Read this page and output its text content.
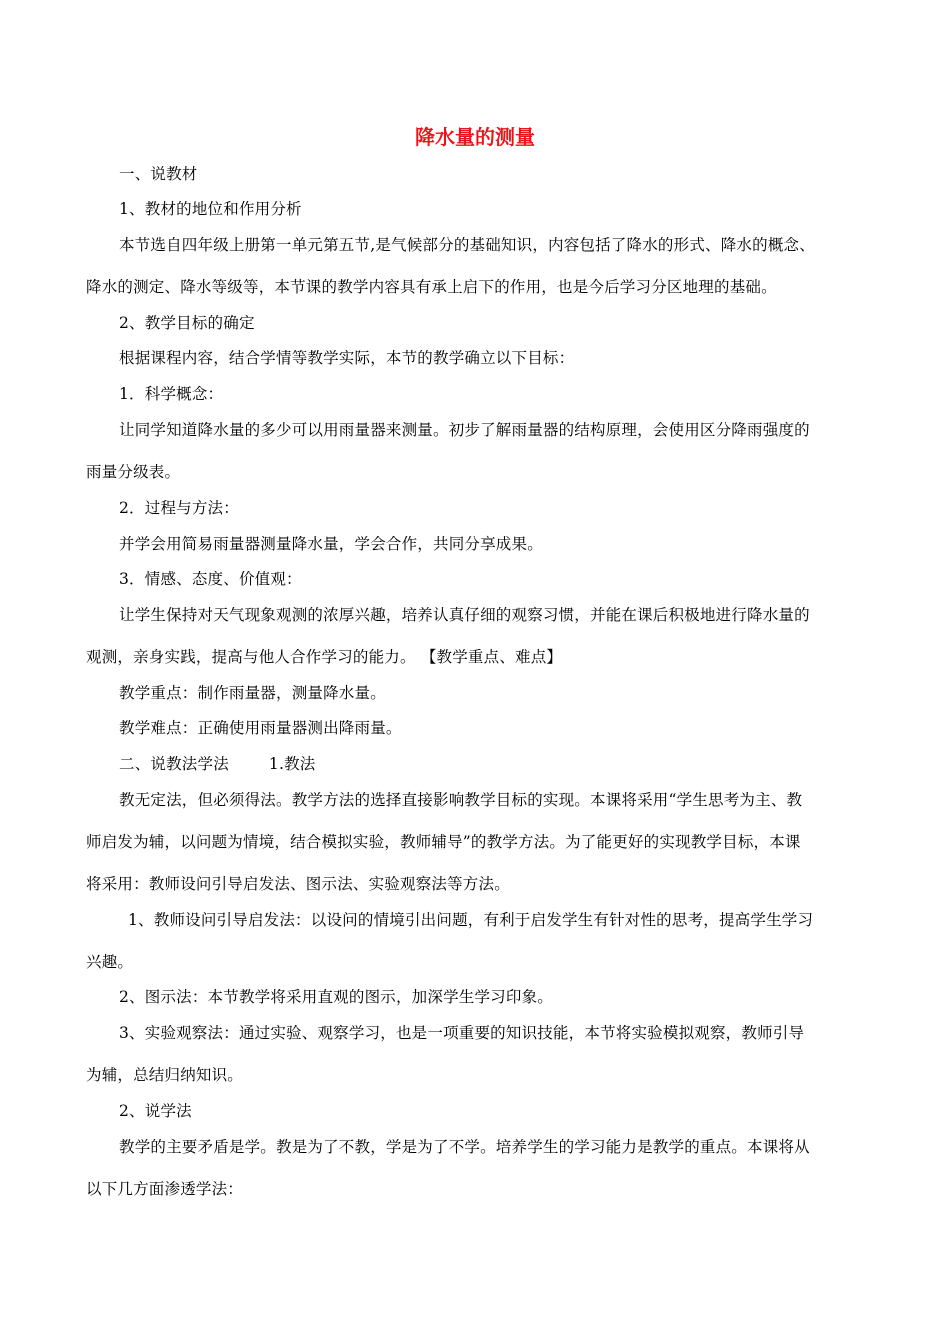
降水量的测量
一、说教材
1、教材的地位和作用分析
本节选自四年级上册第一单元第五节,是气候部分的基础知识，内容包括了降水的形式、降水的概念、
降水的测定、降水等级等，本节课的教学内容具有承上启下的作用，也是今后学习分区地理的基础。
2、教学目标的确定
根据课程内容，结合学情等教学实际，本节的教学确立以下目标：
1．科学概念：
让同学知道降水量的多少可以用雨量器来测量。初步了解雨量器的结构原理，会使用区分降雨强度的
雨量分级表。
2．过程与方法：
并学会用简易雨量器测量降水量，学会合作，共同分享成果。
3．情感、态度、价值观：
让学生保持对天气现象观测的浓厚兴趣，培养认真仔细的观察习惯，并能在课后积极地进行降水量的
观测，亲身实践，提高与他人合作学习的能力。 【教学重点、难点】
教学重点：制作雨量器，测量降水量。
教学难点：正确使用雨量器测出降雨量。
二、说教法学法	1.教法
教无定法，但必须得法。教学方法的选择直接影响教学目标的实现。本课将采用“学生思考为主、教
师启发为辅，以问题为情境，结合模拟实验，教师辅导”的教学方法。为了能更好的实现教学目标，本课
将采用：教师设问引导启发法、图示法、实验观察法等方法。
1、教师设问引导启发法：以设问的情境引出问题，有利于启发学生有针对性的思考，提高学生学习
兴趣。
2、图示法：本节教学将采用直观的图示，加深学生学习印象。
3、实验观察法：通过实验、观察学习，也是一项重要的知识技能，本节将实验模拟观察，教师引导
为辅，总结归纳知识。
2、说学法
教学的主要矛盾是学。教是为了不教，学是为了不学。培养学生的学习能力是教学的重点。本课将从
以下几方面渗透学法：
